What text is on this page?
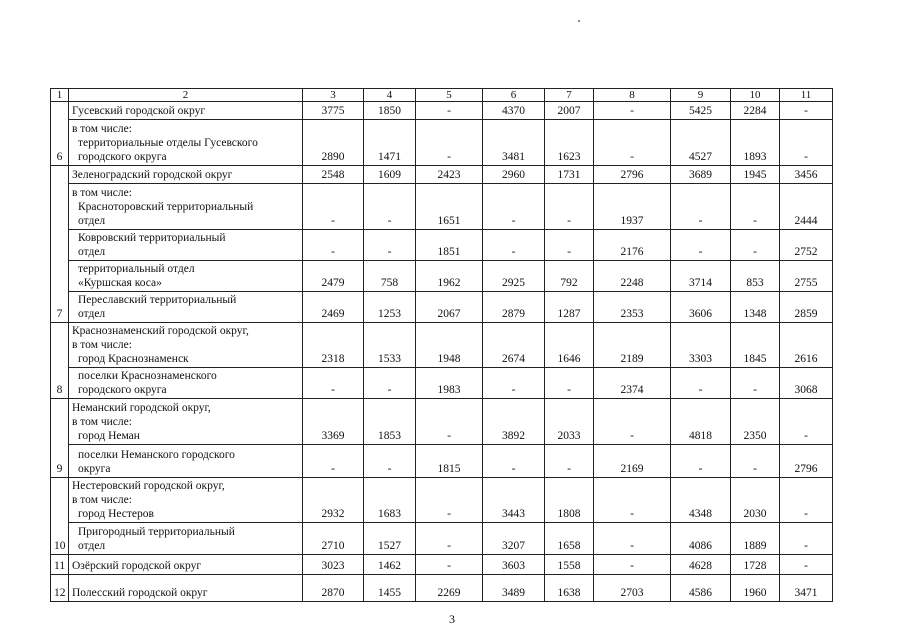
1	2	3	4	5	6	7	8	9	10	11
6	Гусевский городской округ	3775	1850	-	4370	2007	-	5425	2284	-

	в том числе:
территориальные отделы Гусевского
городского округа	2890	1471	-	3481	1623	-	4527	1893	-
7	Зеленоградский городской округ	2548	1609	2423	2960	1731	2796	3689	1945	3456

	в том числе:
Красноторовский территориальный
отдел	-	-	1651	-	-	1937	-	-	2444

	Ковровский территориальный
отдел	-	-	1851	-	-	2176	-	-	2752

	территориальный отдел
«Куршская коса»	2479	758	1962	2925	792	2248	3714	853	2755

	Переславский территориальный
отдел	2469	1253	2067	2879	1287	2353	3606	1348	2859
8	Краснознаменский городской округ,
в том числе:
город Краснознаменск	2318	1533	1948	2674	1646	2189	3303	1845	2616

	поселки Краснознаменского
городского округа	-	-	1983	-	-	2374	-	-	3068
9	Неманский городской округ,
в том числе:
город Неман	3369	1853	-	3892	2033	-	4818	2350	-

	поселки Неманского городского
округа	-	-	1815	-	-	2169	-	-	2796
10	Нестеровский городской округ,
в том числе:
город Нестеров	2932	1683	-	3443	1808	-	4348	2030	-

	Пригородный территориальный
отдел	2710	1527	-	3207	1658	-	4086	1889	-
11	Озёрский городской округ	3023	1462	-	3603	1558	-	4628	1728	-
12	Полесский городской округ	2870	1455	2269	3489	1638	2703	4586	1960	3471
3
